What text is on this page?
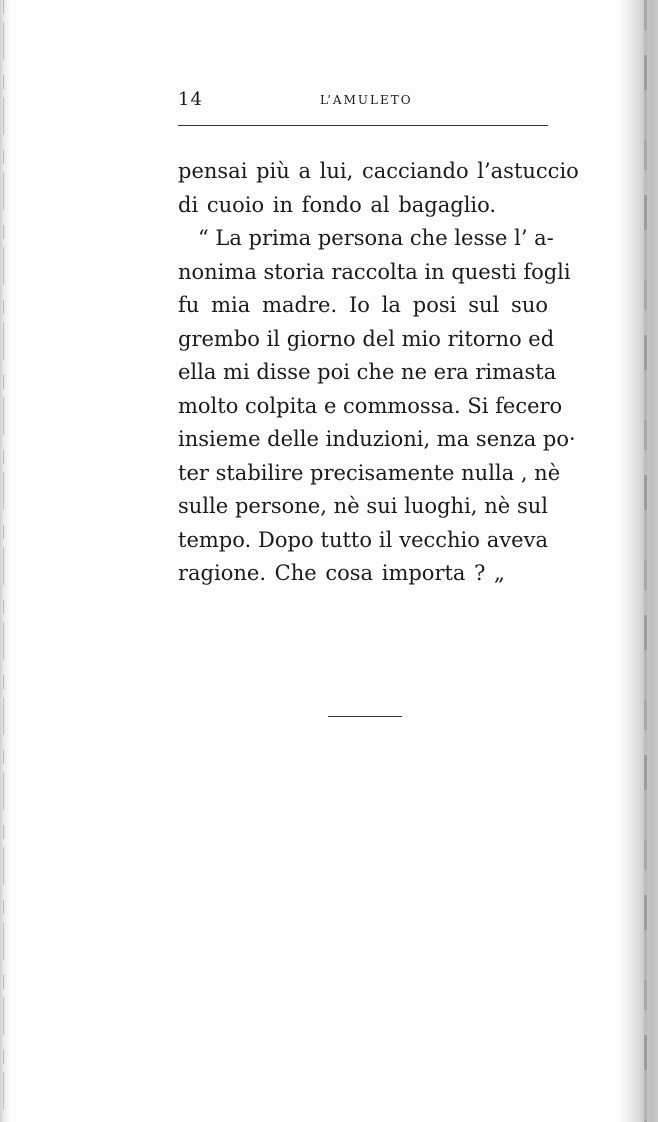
14	L’AMULETO
pensai più a lui, cacciando l’astuccio
di cuoio in fondo al bagaglio.
“ La prima persona che lesse l’ a-
nonima storia raccolta in questi fogli
fu mia madre. Io la posi sul suo
grembo il giorno del mio ritorno ed
ella mi disse poi che ne era rimasta
molto colpita e commossa. Si fecero
insieme delle induzioni, ma senza po·
ter stabilire precisamente nulla , nè
sulle persone, nè sui luoghi, nè sul
tempo. Dopo tutto il vecchio aveva
ragione. Che cosa importa ? „
